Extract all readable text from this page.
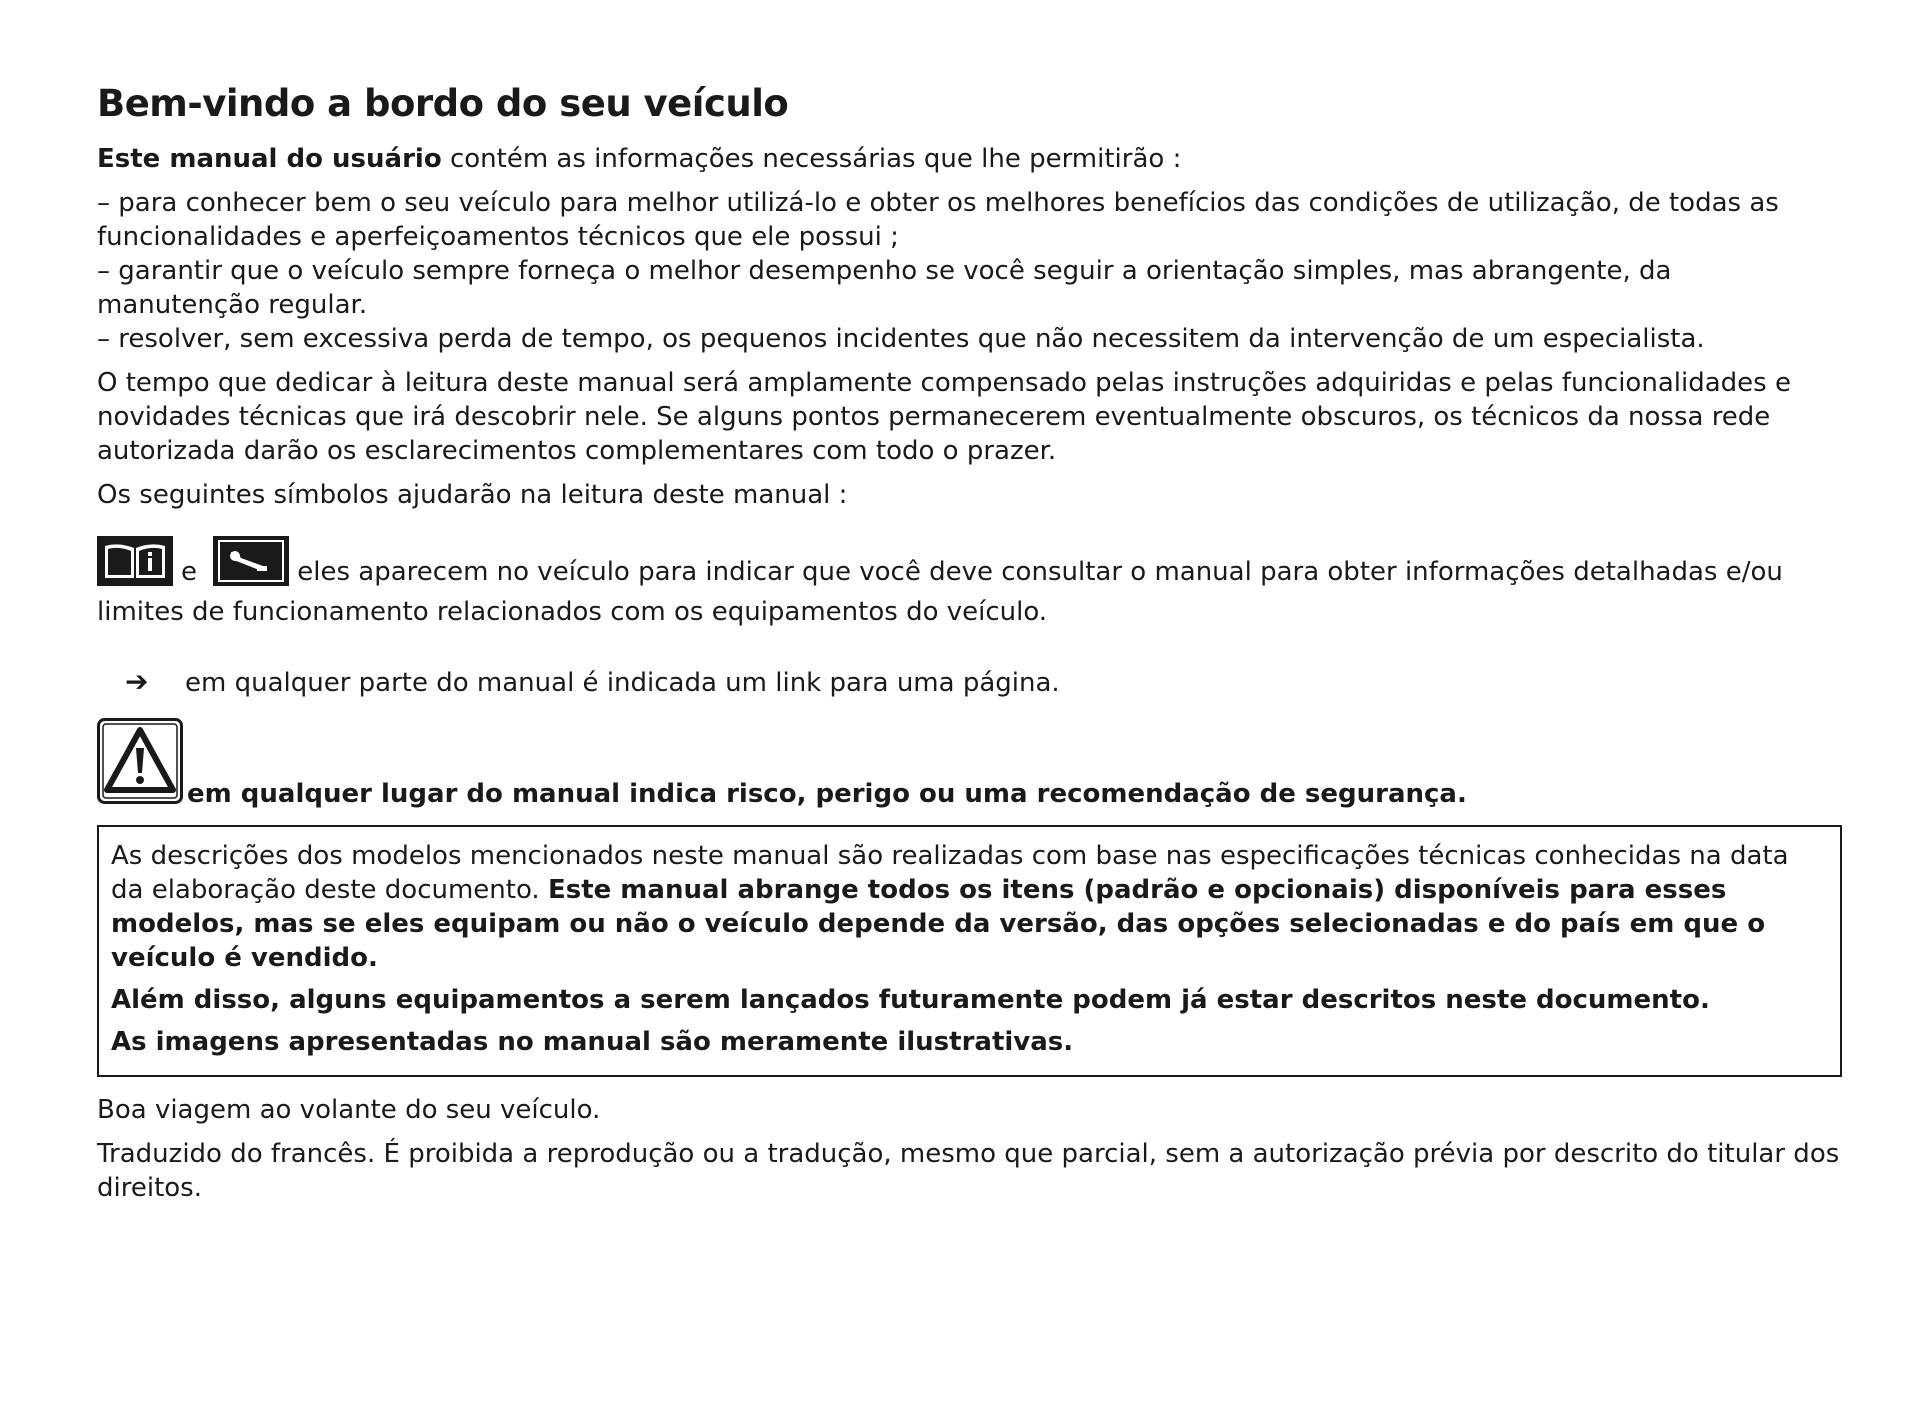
Bem-vindo a bordo do seu veículo

Este manual do usuário contém as informações necessárias que lhe permitirão :

– para conhecer bem o seu veículo para melhor utilizá-lo e obter os melhores benefícios das condições de utilização, de todas as funcionalidades e aperfeiçoamentos técnicos que ele possui ;

– garantir que o veículo sempre forneça o melhor desempenho se você seguir a orientação simples, mas abrangente, da manutenção regular.

– resolver, sem excessiva perda de tempo, os pequenos incidentes que não necessitem da intervenção de um especialista.

O tempo que dedicar à leitura deste manual será amplamente compensado pelas instruções adquiridas e pelas funcionalidades e novidades técnicas que irá descobrir nele. Se alguns pontos permanecerem eventualmente obscuros, os técnicos da nossa rede autorizada darão os esclarecimentos complementares com todo o prazer.

Os seguintes símbolos ajudarão na leitura deste manual :

e	eles aparecem no veículo para indicar que você deve consultar o manual para obter informações detalhadas e/ou limites de funcionamento relacionados com os equipamentos do veículo.
➔ em qualquer parte do manual é indicada um link para uma página.
em qualquer lugar do manual indica risco, perigo ou uma recomendação de segurança.

As descrições dos modelos mencionados neste manual são realizadas com base nas especificações técnicas conhecidas na data da elaboração deste documento. Este manual abrange todos os itens (padrão e opcionais) disponíveis para esses modelos, mas se eles equipam ou não o veículo depende da versão, das opções selecionadas e do país em que o veículo é vendido.

Além disso, alguns equipamentos a serem lançados futuramente podem já estar descritos neste documento.

As imagens apresentadas no manual são meramente ilustrativas.

Boa viagem ao volante do seu veículo.

Traduzido do francês. É proibida a reprodução ou a tradução, mesmo que parcial, sem a autorização prévia por descrito do titular dos direitos.
